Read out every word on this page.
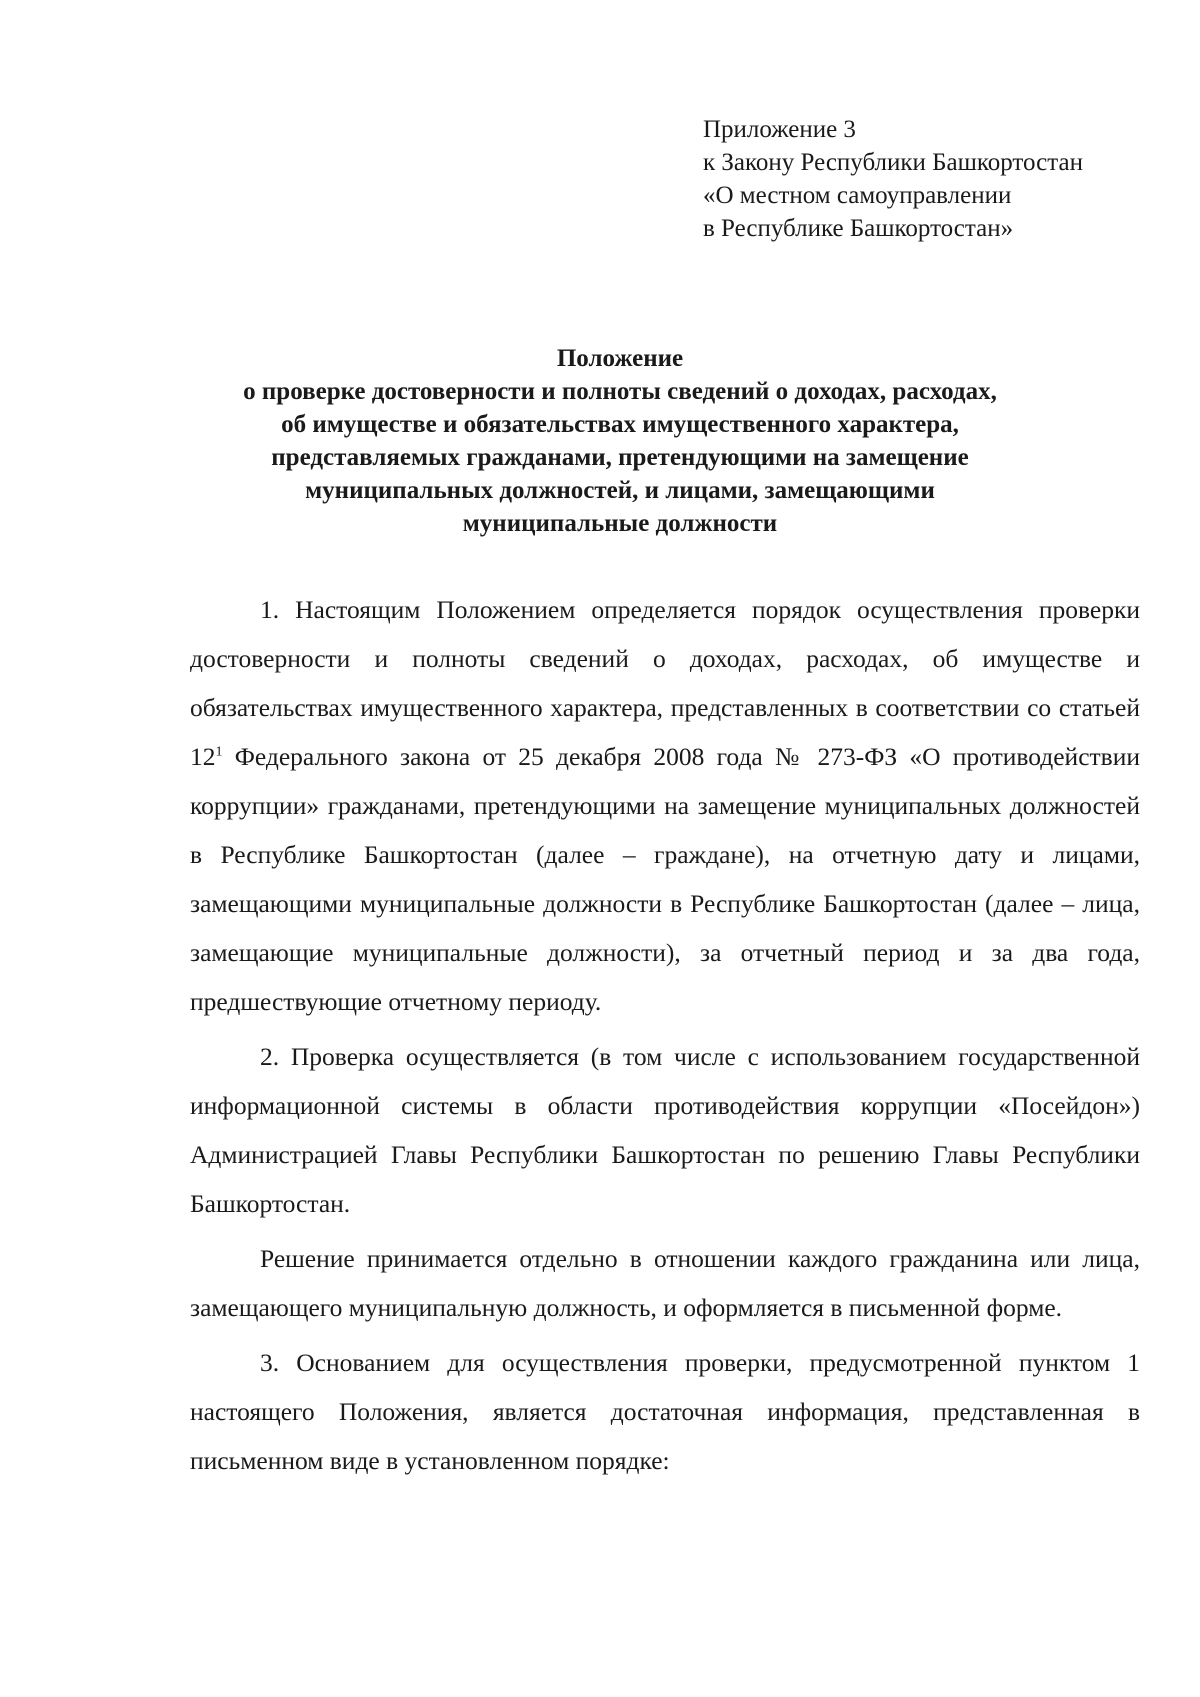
Приложение 3
к Закону Республики Башкортостан
«О местном самоуправлении
в Республике Башкортостан»
Положение
о проверке достоверности и полноты сведений о доходах, расходах,
об имуществе и обязательствах имущественного характера,
представляемых гражданами, претендующими на замещение
муниципальных должностей, и лицами, замещающими
муниципальные должности

1. Настоящим Положением определяется порядок осуществления проверки достоверности и полноты сведений о доходах, расходах, об имуществе и обязательствах имущественного характера, представленных в соответствии со статьей $12^1$ Федерального закона от 25 декабря 2008 года № 273-ФЗ «О противодействии коррупции» гражданами, претендующими на замещение муниципальных должностей в Республике Башкортостан (далее – граждане), на отчетную дату и лицами, замещающими муниципальные должности в Республике Башкортостан (далее – лица, замещающие муниципальные должности), за отчетный период и за два года, предшествующие отчетному периоду.

2. Проверка осуществляется (в том числе с использованием государственной информационной системы в области противодействия коррупции «Посейдон») Администрацией Главы Республики Башкортостан по решению Главы Республики Башкортостан.

Решение принимается отдельно в отношении каждого гражданина или лица, замещающего муниципальную должность, и оформляется в письменной форме.

3. Основанием для осуществления проверки, предусмотренной пунктом 1 настоящего Положения, является достаточная информация, представленная в письменном виде в установленном порядке:
